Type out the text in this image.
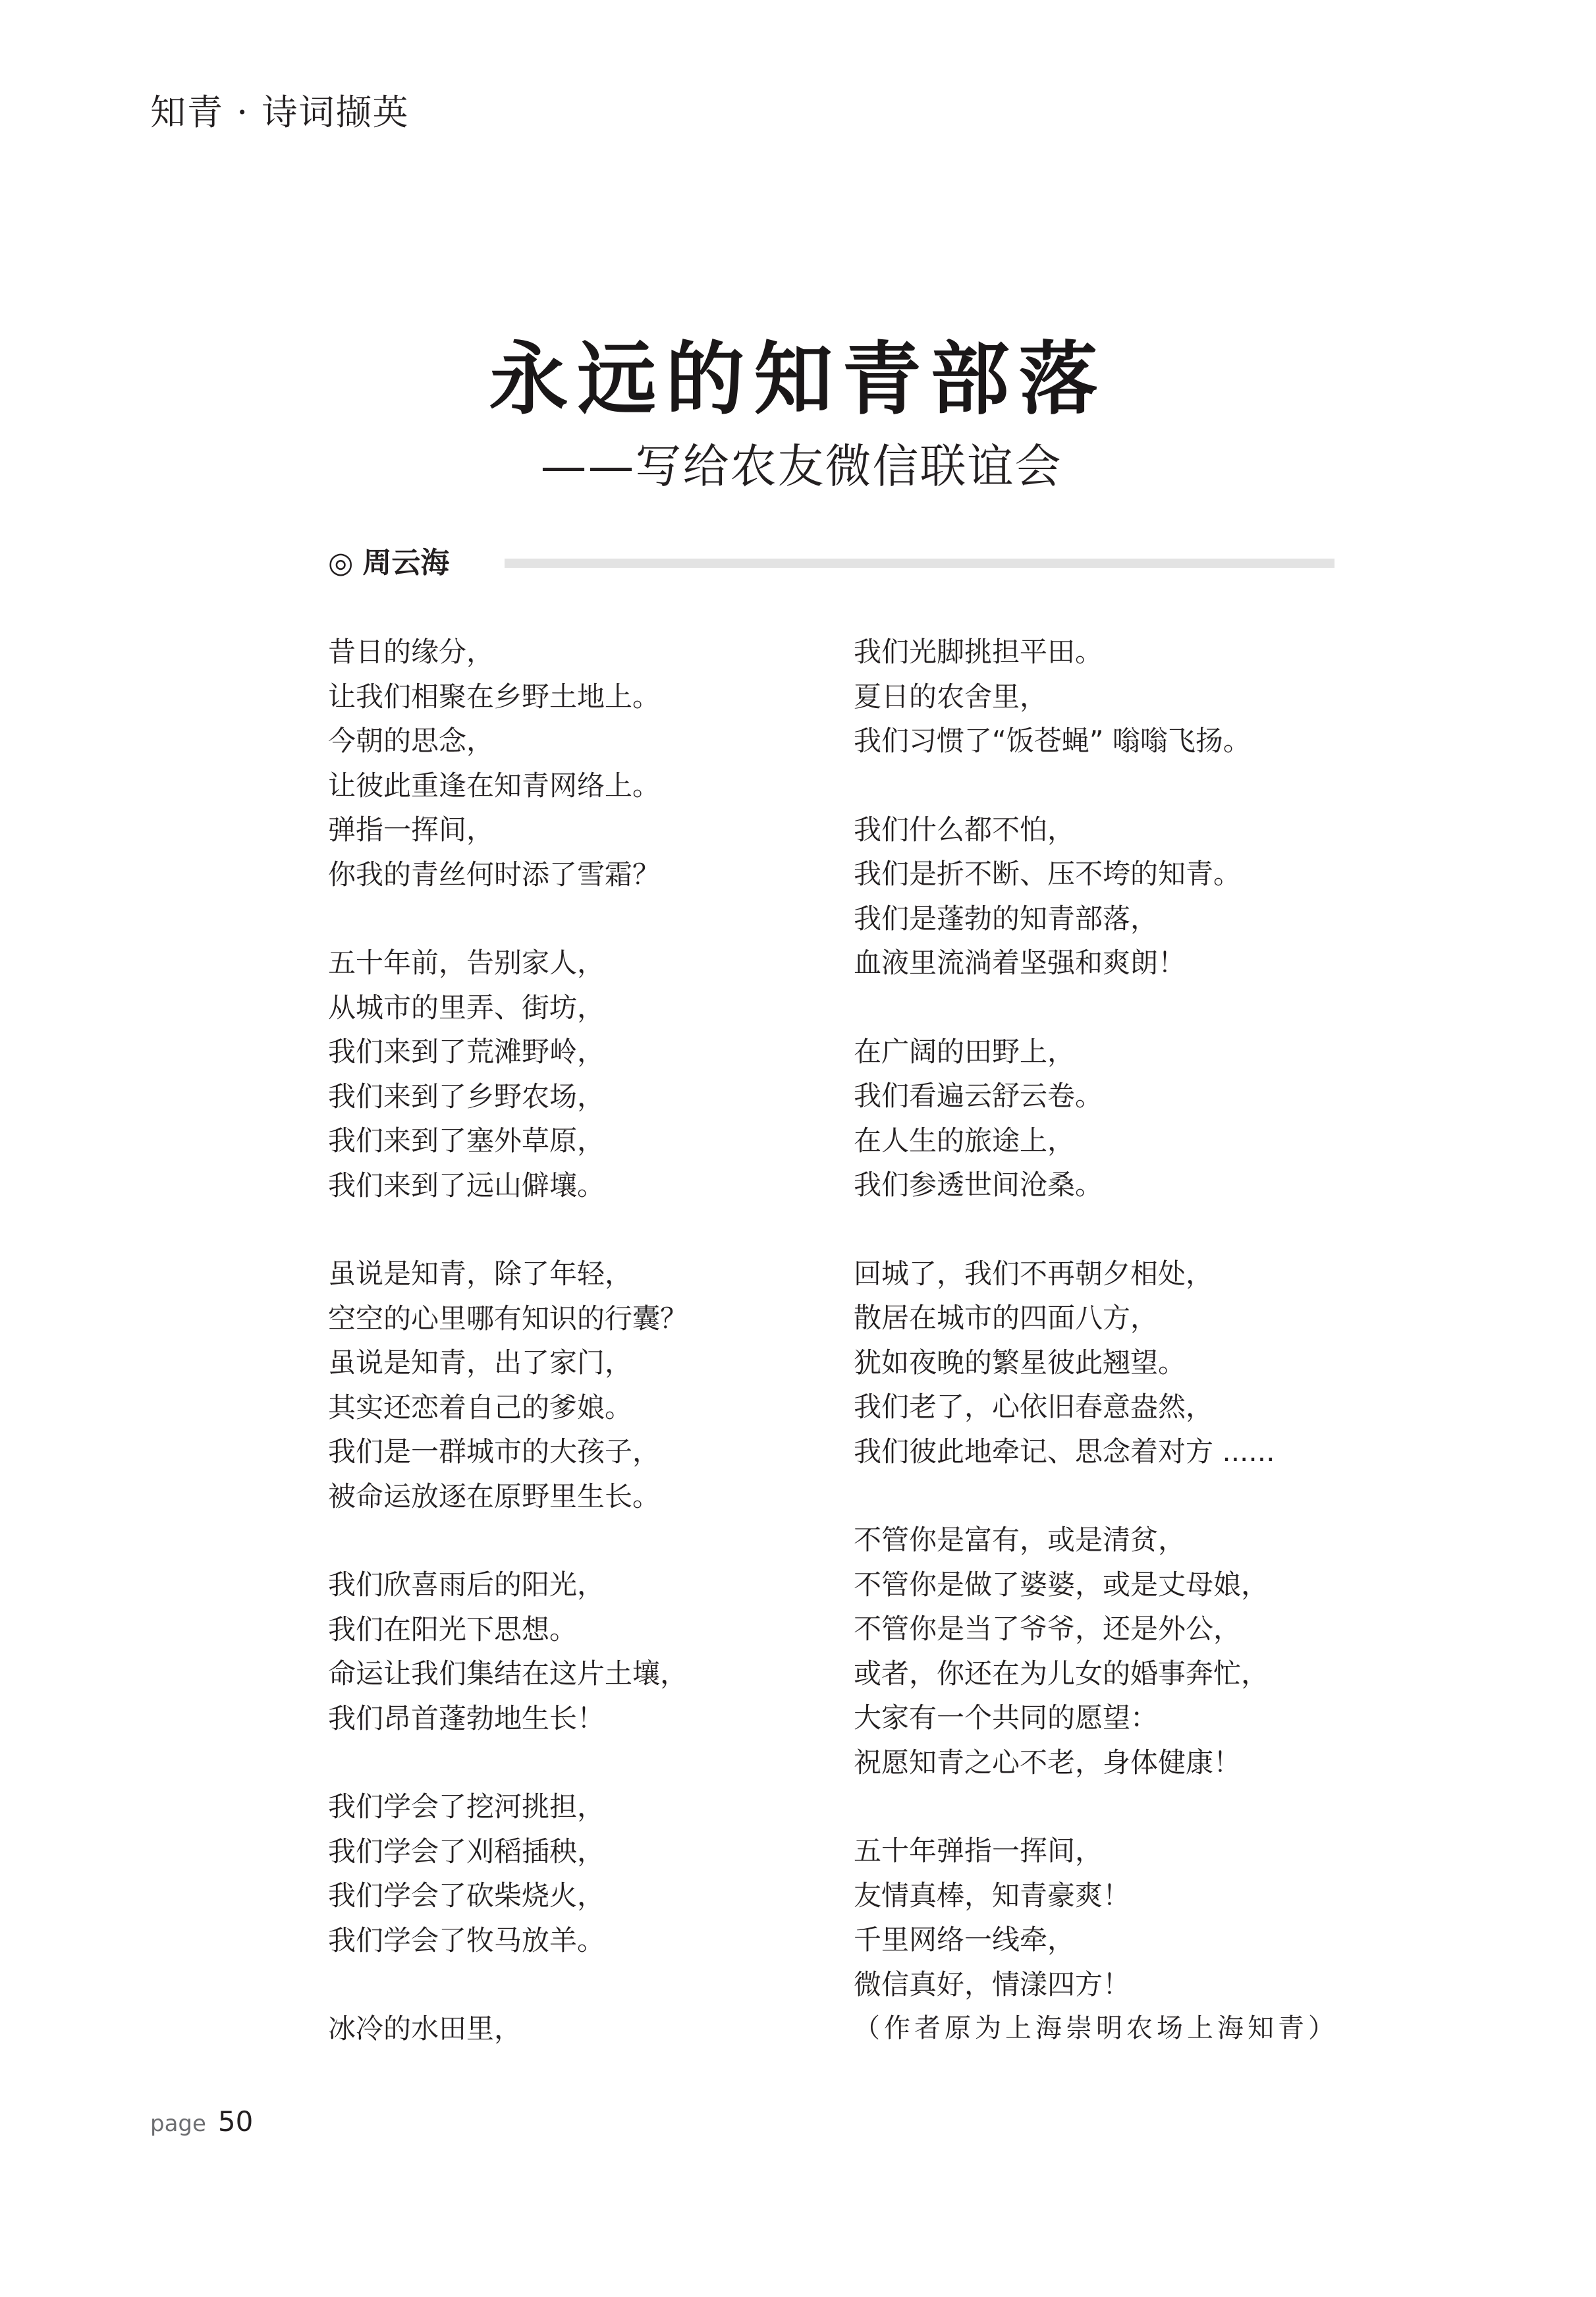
知青 · 诗词撷英
永远的知青部落
——写给农友微信联谊会
◎ 周云海
昔日的缘分，
让我们相聚在乡野土地上。
今朝的思念，
让彼此重逢在知青网络上。
弹指一挥间，
你我的青丝何时添了雪霜？
五十年前，告别家人，
从城市的里弄、街坊，
我们来到了荒滩野岭，
我们来到了乡野农场，
我们来到了塞外草原，
我们来到了远山僻壤。
虽说是知青，除了年轻，
空空的心里哪有知识的行囊？
虽说是知青，出了家门，
其实还恋着自己的爹娘。
我们是一群城市的大孩子，
被命运放逐在原野里生长。
我们欣喜雨后的阳光，
我们在阳光下思想。
命运让我们集结在这片土壤，
我们昂首蓬勃地生长！
我们学会了挖河挑担，
我们学会了刈稻插秧，
我们学会了砍柴烧火，
我们学会了牧马放羊。
冰冷的水田里，
我们光脚挑担平田。
夏日的农舍里，
我们习惯了“饭苍蝇” 嗡嗡飞扬。
我们什么都不怕，
我们是折不断、压不垮的知青。
我们是蓬勃的知青部落，
血液里流淌着坚强和爽朗！
在广阔的田野上，
我们看遍云舒云卷。
在人生的旅途上，
我们参透世间沧桑。
回城了，我们不再朝夕相处，
散居在城市的四面八方，
犹如夜晚的繁星彼此翘望。
我们老了，心依旧春意盎然，
我们彼此地牵记、思念着对方 ......
不管你是富有，或是清贫，
不管你是做了婆婆，或是丈母娘，
不管你是当了爷爷，还是外公，
或者，你还在为儿女的婚事奔忙，
大家有一个共同的愿望：
祝愿知青之心不老，身体健康！
五十年弹指一挥间，
友情真棒，知青豪爽！
千里网络一线牵，
微信真好，情漾四方！
（作者原为上海崇明农场上海知青）
page 50
